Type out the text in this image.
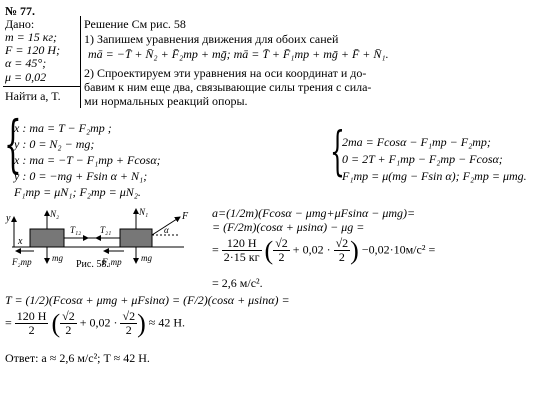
№ 77.
Дано:
m = 15 кг;
F = 120 Н;
α = 45°;
μ = 0,02
Найти a, T.
Решение См рис. 58
1) Запишем уравнения движения для обоих саней
mā = −T̄ + N̄₂ + F̄₂тр + mḡ; mā = T̄ + F̄₁тр + mḡ + F̄ + N̄₁.
2) Спроектируем эти уравнения на оси координат и до-
бавим к ним еще два, связывающие силы трения с сила-
ми нормальных реакций опоры.
{
x : ma = T − F₂тр ;
y : 0 = N₂ − mg;
x : ma = −T − F₁тр + Fcosα;
y : 0 = −mg + Fsin α + N₁;
F₁тр = μN₁; F₂тр = μN₂.
{
2ma = Fcosα − F₁тр − F₂тр;
0 = 2T + F₁тр − F₂тр − Fcosα;
F₁тр = μ(mg − Fsin α); F₂тр = μmg.
y
x
T₁₂ T₂₁
N₂	N₁	F
α
F₂тр	F₁тр
mg	mg
Рис. 58.
a=(1/2m)(Fcosα − μmg+μFsinα − μmg)=
= (F/2m)(cosα + μsinα) − μg =
= $\frac{120 Н}{2\cdot 15 кг}$ ( $\frac{√2}{2} + 0,02 \cdot \frac{√2}{2}$ ) −0,02·10м/с² =
= 2,6 м/с².
T = (1/2)(Fcosα + μmg + μFsinα) = (F/2)(cosα + μsinα) =
= $\frac{120 Н}{2}$ ( $\frac{√2}{2} + 0,02 \cdot \frac{√2}{2}$ ) ≈ 42 Н.
Ответ: a ≈ 2,6 м/с²; T ≈ 42 Н.
